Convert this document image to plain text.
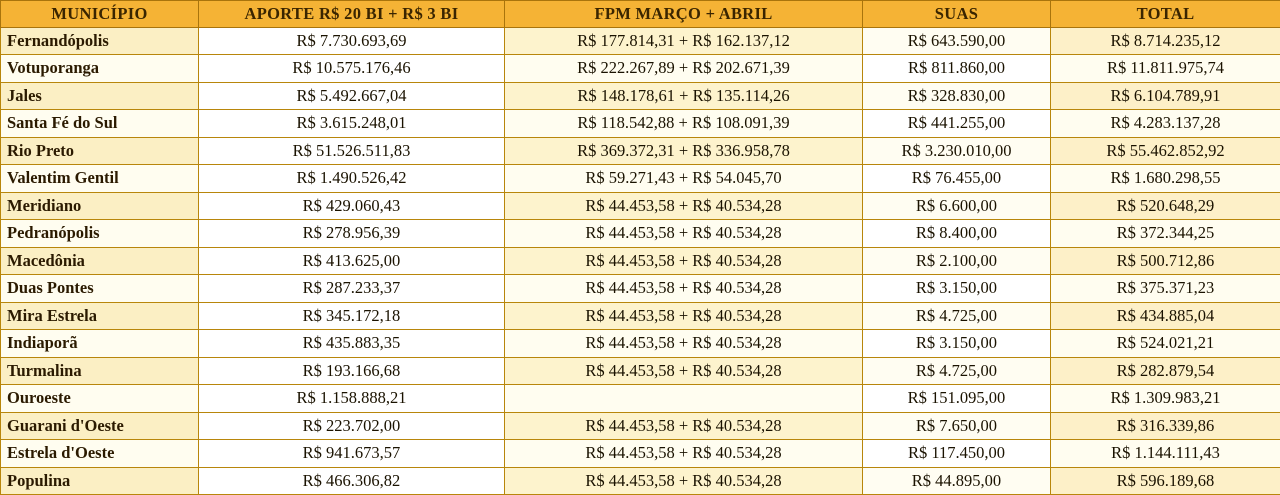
MUNICÍPIO	APORTE R$ 20 BI + R$ 3 BI	FPM MARÇO + ABRIL	SUAS	TOTAL
Fernandópolis	R$ 7.730.693,69	R$ 177.814,31 + R$ 162.137,12	R$ 643.590,00	R$ 8.714.235,12
Votuporanga	R$ 10.575.176,46	R$ 222.267,89 + R$ 202.671,39	R$ 811.860,00	R$ 11.811.975,74
Jales	R$ 5.492.667,04	R$ 148.178,61 + R$ 135.114,26	R$ 328.830,00	R$ 6.104.789,91
Santa Fé do Sul	R$ 3.615.248,01	R$ 118.542,88 + R$ 108.091,39	R$ 441.255,00	R$ 4.283.137,28
Rio Preto	R$ 51.526.511,83	R$ 369.372,31 + R$ 336.958,78	R$ 3.230.010,00	R$ 55.462.852,92
Valentim Gentil	R$ 1.490.526,42	R$ 59.271,43 + R$ 54.045,70	R$ 76.455,00	R$ 1.680.298,55
Meridiano	R$ 429.060,43	R$ 44.453,58 + R$ 40.534,28	R$ 6.600,00	R$ 520.648,29
Pedranópolis	R$ 278.956,39	R$ 44.453,58 + R$ 40.534,28	R$ 8.400,00	R$ 372.344,25
Macedônia	R$ 413.625,00	R$ 44.453,58 + R$ 40.534,28	R$ 2.100,00	R$ 500.712,86
Duas Pontes	R$ 287.233,37	R$ 44.453,58 + R$ 40.534,28	R$ 3.150,00	R$ 375.371,23
Mira Estrela	R$ 345.172,18	R$ 44.453,58 + R$ 40.534,28	R$ 4.725,00	R$ 434.885,04
Indiaporã	R$ 435.883,35	R$ 44.453,58 + R$ 40.534,28	R$ 3.150,00	R$ 524.021,21
Turmalina	R$ 193.166,68	R$ 44.453,58 + R$ 40.534,28	R$ 4.725,00	R$ 282.879,54
Ouroeste	R$ 1.158.888,21		R$ 151.095,00	R$ 1.309.983,21
Guarani d'Oeste	R$ 223.702,00	R$ 44.453,58 + R$ 40.534,28	R$ 7.650,00	R$ 316.339,86
Estrela d'Oeste	R$ 941.673,57	R$ 44.453,58 + R$ 40.534,28	R$ 117.450,00	R$ 1.144.111,43
Populina	R$ 466.306,82	R$ 44.453,58 + R$ 40.534,28	R$ 44.895,00	R$ 596.189,68
